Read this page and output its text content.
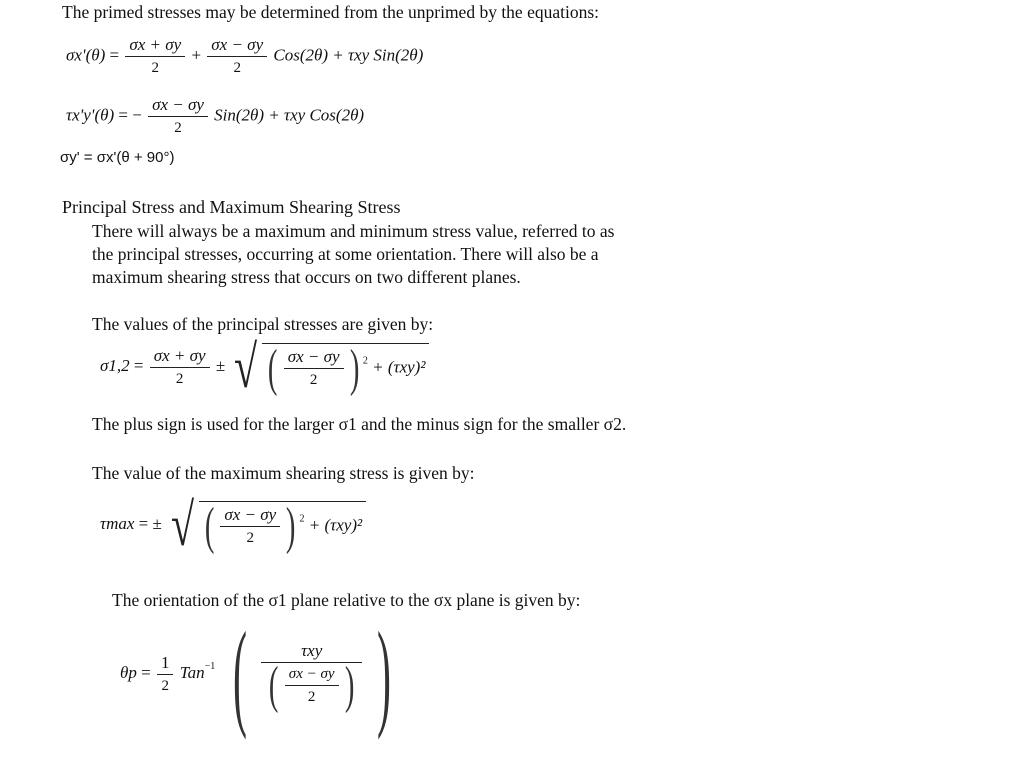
The primed stresses may be determined from the unprimed by the equations:
$\sigma x'(\theta) = \frac{\sigma x + \sigma y}{2} + \frac{\sigma x - \sigma y}{2} Cos(2\theta) + \tau xy$ Sin(2θ)
τx'y'(θ) = − $\frac{\sigma x - \sigma y}{2} Sin(2\theta) + \tau xy$ Cos(2θ)
σy' = σx'(θ + 90°)
Principal Stress and Maximum Shearing Stress
There will always be a maximum and minimum stress value, referred to as
the principal stresses, occurring at some orientation. There will also be a
maximum shearing stress that occurs on two different planes.
The values of the principal stresses are given by:
$\sigma 1,2 = \frac{\sigma x + \sigma y}{2}$ ± √ ( $\frac{\sigma x - \sigma y}{2}$ ) $^2$ + (τxy)²
The plus sign is used for the larger σ1 and the minus sign for the smaller σ2.
The value of the maximum shearing stress is given by:
τmax = ± √ ( $\frac{\sigma x - \sigma y}{2}$ ) $^2$ + (τxy)²
The orientation of the σ1 plane relative to the σx plane is given by:
$\theta p = \frac{1}{2} Tan^{-1}$ ( $\frac{\text{τxy}}{( \frac{\sigma x - \sigma y}{2} )}$ )
